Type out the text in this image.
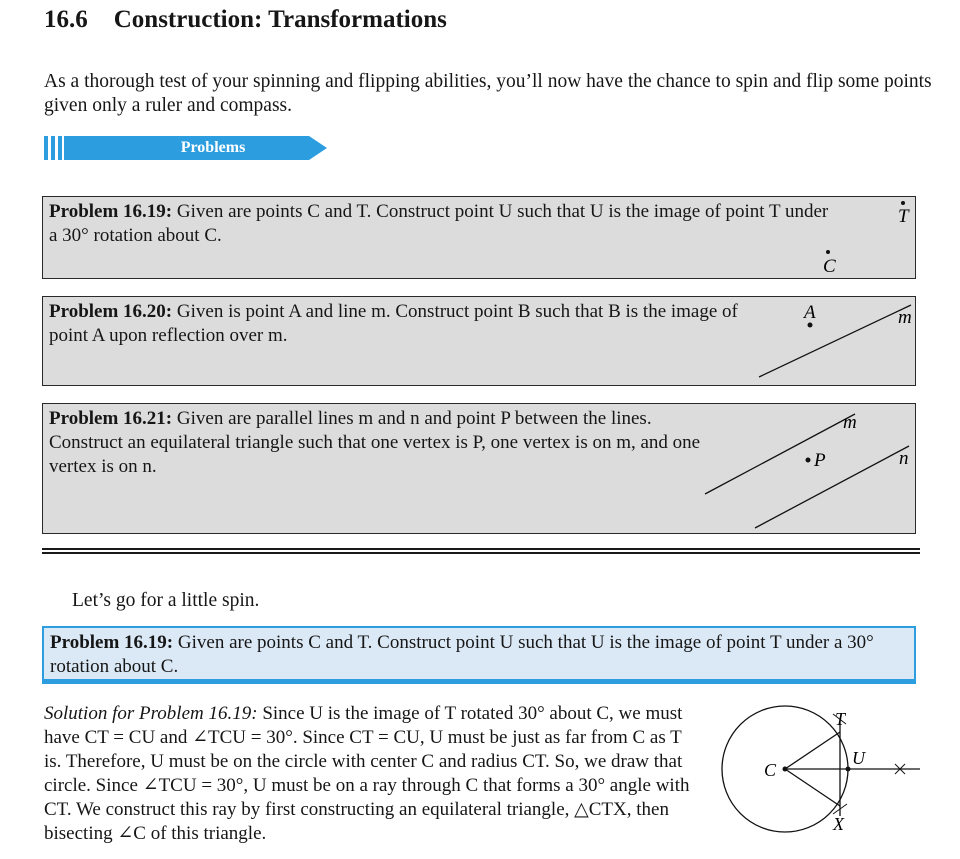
16.6 Construction: Transformations
As a thorough test of your spinning and flipping abilities, you’ll now have the chance to spin and flip some points given only a ruler and compass.
Problems
Problem 16.19: Given are points C and T. Construct point U such that U is the image of point T under a 30° rotation about C.
T
C
Problem 16.20: Given is point A and line m. Construct point B such that B is the image of point A upon reflection over m.
A	m
Problem 16.21: Given are parallel lines m and n and point P between the lines. Construct an equilateral triangle such that one vertex is P, one vertex is on m, and one vertex is on n.
m
n
P
Let’s go for a little spin.
Problem 16.19: Given are points C and T. Construct point U such that U is the image of point T under a 30° rotation about C.
Solution for Problem 16.19: Since U is the image of T rotated 30° about C, we must have CT = CU and ∠TCU = 30°. Since CT = CU, U must be just as far from C as T is. Therefore, U must be on the circle with center C and radius CT. So, we draw that circle. Since ∠TCU = 30°, U must be on a ray through C that forms a 30° angle with CT. We construct this ray by first constructing an equilateral triangle, △CTX, then bisecting ∠C of this triangle.
C
T
U
X
